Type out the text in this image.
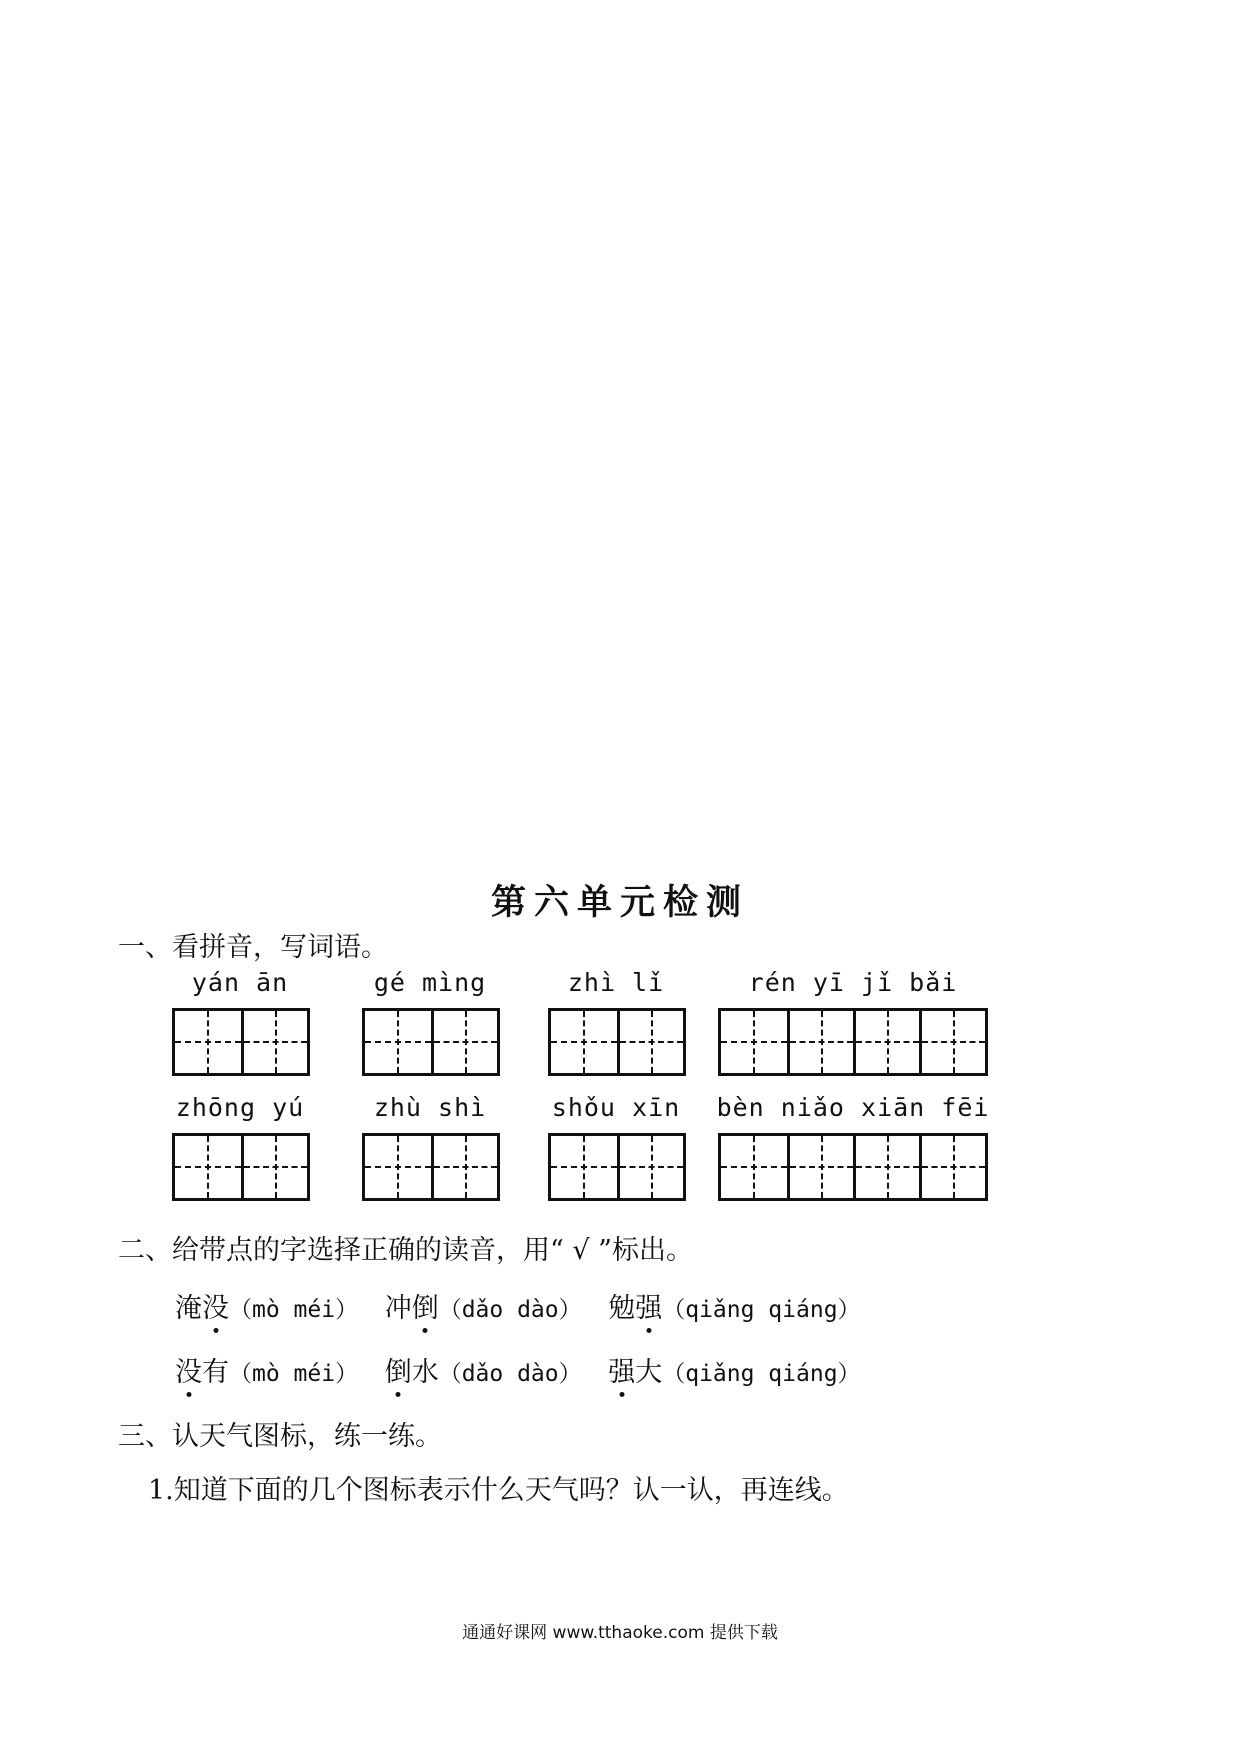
第六单元检测
一、看拼音，写词语。
yán ān	gé mìng	zhì lǐ	rén yī jǐ bǎi
zhōng yú	zhù shì	shǒu xīn	bèn niǎo xiān fēi
二、给带点的字选择正确的读音，用“ √ ”标出。
淹没（mò méi） 冲倒（dǎo dào） 勉强（qiǎng qiáng）
没有（mò méi） 倒水（dǎo dào） 强大（qiǎng qiáng）
三、认天气图标，练一练。
1.知道下面的几个图标表示什么天气吗？认一认，再连线。
通通好课网 www.tthaoke.com 提供下载
